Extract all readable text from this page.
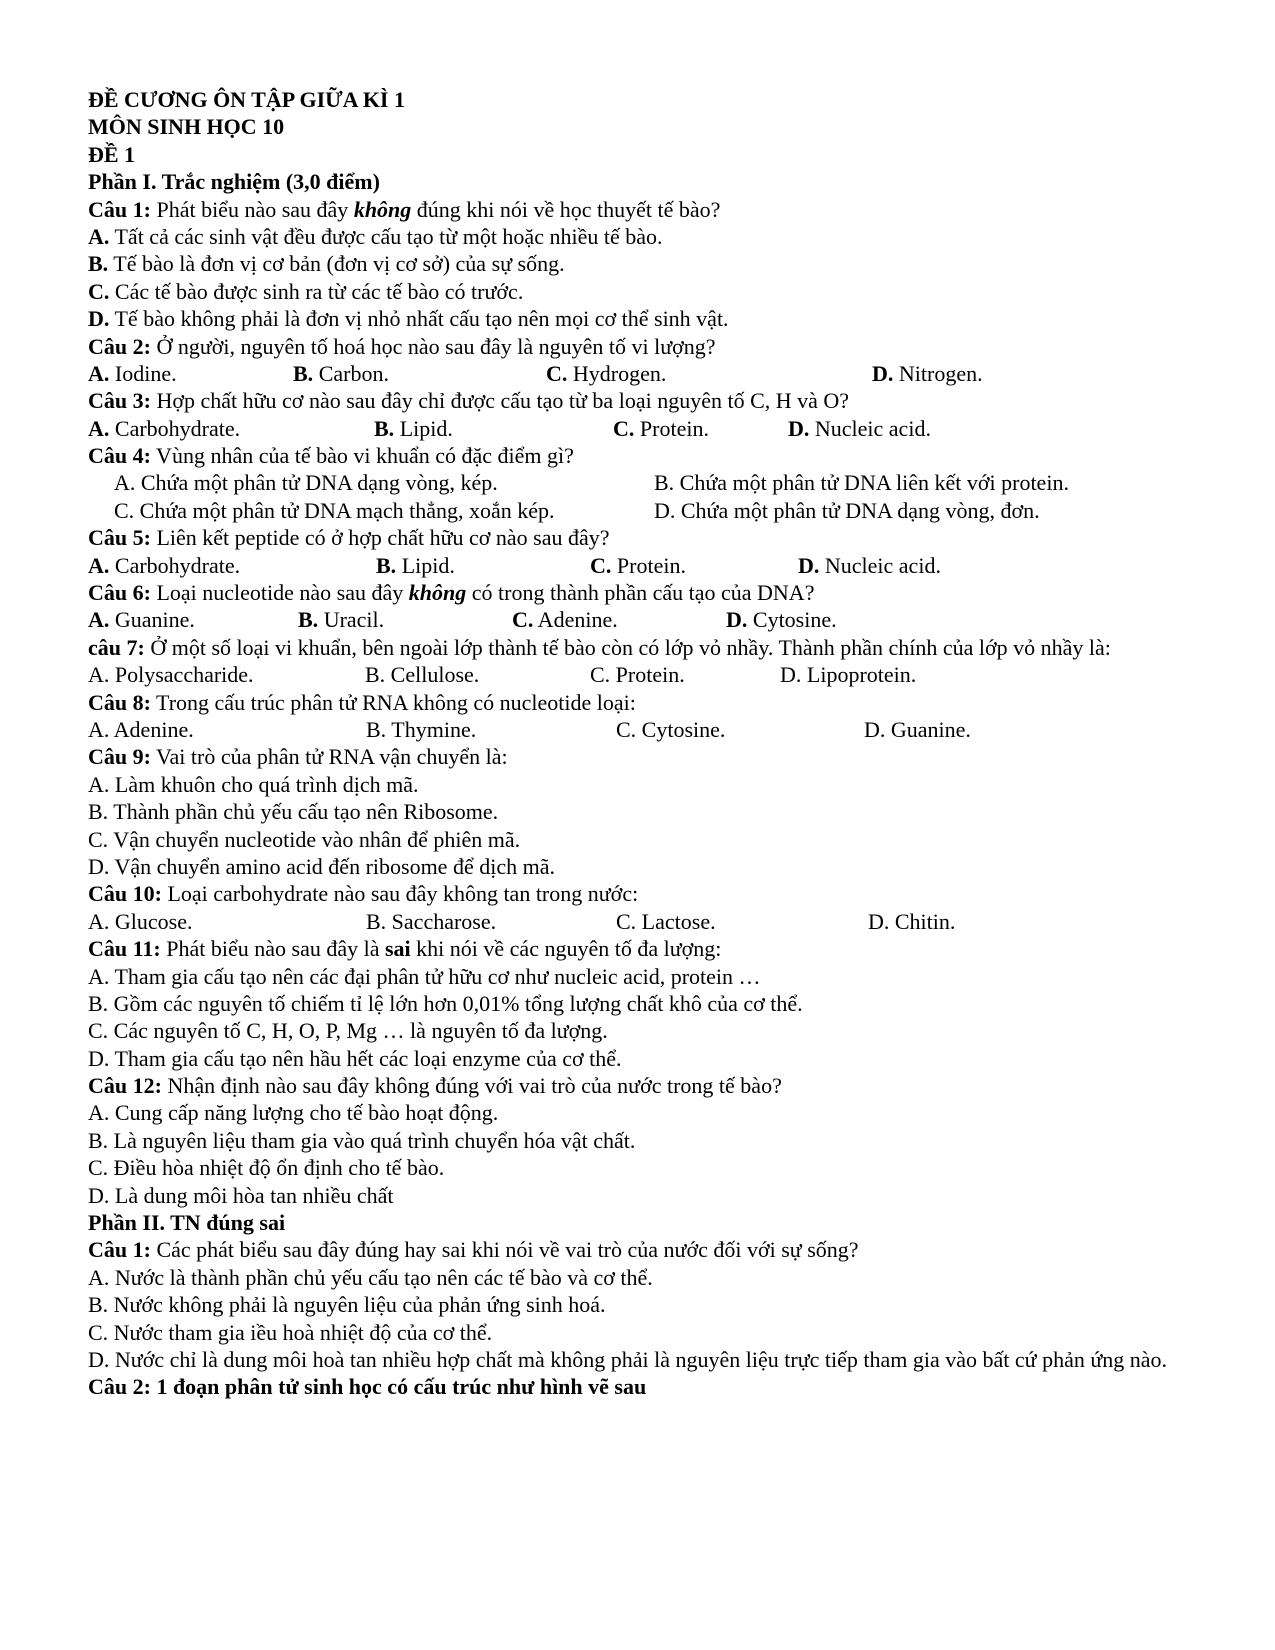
ĐỀ CƯƠNG ÔN TẬP GIỮA KÌ 1
MÔN SINH HỌC 10
ĐỀ 1
Phần I. Trắc nghiệm (3,0 điểm)
Câu 1: Phát biểu nào sau đây không đúng khi nói về học thuyết tế bào?
A. Tất cả các sinh vật đều được cấu tạo từ một hoặc nhiều tế bào.
B. Tế bào là đơn vị cơ bản (đơn vị cơ sở) của sự sống.
C. Các tế bào được sinh ra từ các tế bào có trước.
D. Tế bào không phải là đơn vị nhỏ nhất cấu tạo nên mọi cơ thể sinh vật.
Câu 2: Ở người, nguyên tố hoá học nào sau đây là nguyên tố vi lượng?
A. Iodine.	B. Carbon.	C. Hydrogen.	D. Nitrogen.
Câu 3: Hợp chất hữu cơ nào sau đây chỉ được cấu tạo từ ba loại nguyên tố C, H và O?
A. Carbohydrate.	B. Lipid.	C. Protein.	D. Nucleic acid.
Câu 4: Vùng nhân của tế bào vi khuẩn có đặc điểm gì?
A. Chứa một phân tử DNA dạng vòng, kép.	B. Chứa một phân tử DNA liên kết với protein.
C. Chứa một phân tử DNA mạch thẳng, xoắn kép.	D. Chứa một phân tử DNA dạng vòng, đơn.
Câu 5: Liên kết peptide có ở hợp chất hữu cơ nào sau đây?
A. Carbohydrate.	B. Lipid.	C. Protein.	D. Nucleic acid.
Câu 6: Loại nucleotide nào sau đây không có trong thành phần cấu tạo của DNA?
A. Guanine.	B. Uracil.	C. Adenine.	D. Cytosine.
câu 7: Ở một số loại vi khuẩn, bên ngoài lớp thành tế bào còn có lớp vỏ nhầy. Thành phần chính của lớp vỏ nhầy là:
A. Polysaccharide.	B. Cellulose.	C. Protein.	D. Lipoprotein.
Câu 8: Trong cấu trúc phân tử RNA không có nucleotide loại:
A. Adenine.	B. Thymine.	C. Cytosine.	D. Guanine.
Câu 9: Vai trò của phân tử RNA vận chuyển là:
A. Làm khuôn cho quá trình dịch mã.
B. Thành phần chủ yếu cấu tạo nên Ribosome.
C. Vận chuyển nucleotide vào nhân để phiên mã.
D. Vận chuyển amino acid đến ribosome để dịch mã.
Câu 10: Loại carbohydrate nào sau đây không tan trong nước:
A. Glucose.	B. Saccharose.	C. Lactose.	D. Chitin.
Câu 11: Phát biểu nào sau đây là sai khi nói về các nguyên tố đa lượng:
A. Tham gia cấu tạo nên các đại phân tử hữu cơ như nucleic acid, protein …
B. Gồm các nguyên tố chiếm tỉ lệ lớn hơn 0,01% tổng lượng chất khô của cơ thể.
C. Các nguyên tố C, H, O, P, Mg … là nguyên tố đa lượng.
D. Tham gia cấu tạo nên hầu hết các loại enzyme của cơ thể.
Câu 12: Nhận định nào sau đây không đúng với vai trò của nước trong tế bào?
A. Cung cấp năng lượng cho tế bào hoạt động.
B. Là nguyên liệu tham gia vào quá trình chuyển hóa vật chất.
C. Điều hòa nhiệt độ ổn định cho tế bào.
D. Là dung môi hòa tan nhiều chất
Phần II. TN đúng sai
Câu 1: Các phát biểu sau đây đúng hay sai khi nói về vai trò của nước đối với sự sống?
A. Nước là thành phần chủ yếu cấu tạo nên các tế bào và cơ thể.
B. Nước không phải là nguyên liệu của phản ứng sinh hoá.
C. Nước tham gia iều hoà nhiệt độ của cơ thể.
D. Nước chỉ là dung môi hoà tan nhiều hợp chất mà không phải là nguyên liệu trực tiếp tham gia vào bất cứ phản ứng nào.
Câu 2: 1 đoạn phân tử sinh học có cấu trúc như hình vẽ sau
